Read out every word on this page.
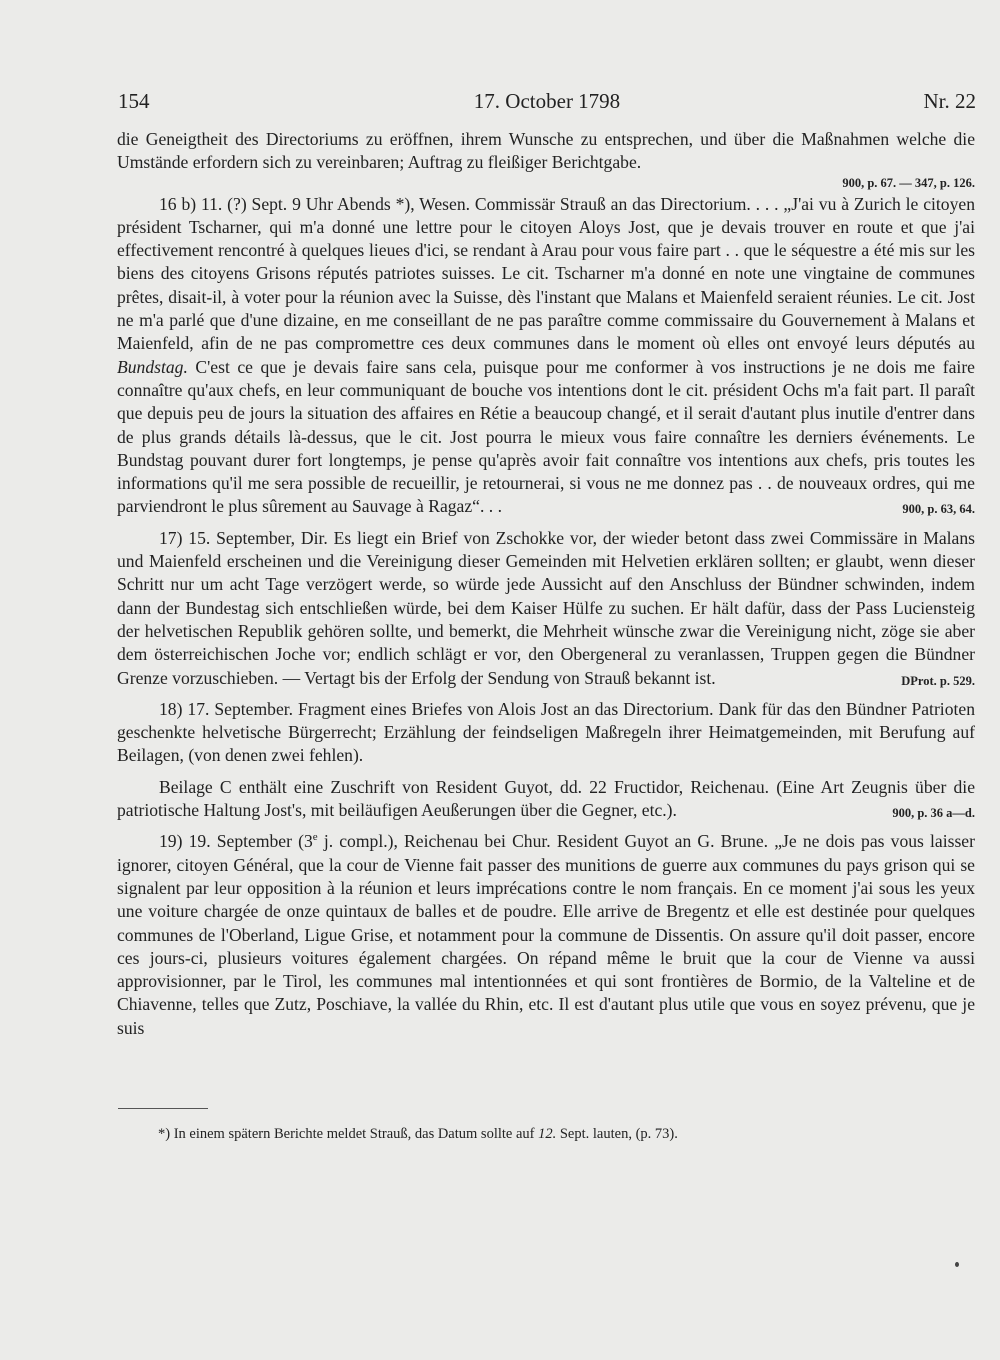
154	17. October 1798	Nr. 22

die Geneigtheit des Directoriums zu eröffnen, ihrem Wunsche zu entsprechen, und über die Maßnahmen welche die Umstände erfordern sich zu vereinbaren; Auftrag zu fleißiger Berichtgabe.

900, p. 67. — 347, p. 126.

16 b) 11. (?) Sept. 9 Uhr Abends *), Wesen. Commissär Strauß an das Directorium. . . . „J'ai vu à Zurich le citoyen président Tscharner, qui m'a donné une lettre pour le citoyen Aloys Jost, que je devais trouver en route et que j'ai effectivement rencontré à quelques lieues d'ici, se rendant à Arau pour vous faire part . . que le séquestre a été mis sur les biens des citoyens Grisons réputés patriotes suisses. Le cit. Tscharner m'a donné en note une vingtaine de communes prêtes, disait-il, à voter pour la réunion avec la Suisse, dès l'instant que Malans et Maienfeld seraient réunies. Le cit. Jost ne m'a parlé que d'une dizaine, en me conseillant de ne pas paraître comme commissaire du Gouvernement à Malans et Maienfeld, afin de ne pas compromettre ces deux communes dans le moment où elles ont envoyé leurs députés au Bundstag. C'est ce que je devais faire sans cela, puisque pour me conformer à vos instructions je ne dois me faire connaître qu'aux chefs, en leur communiquant de bouche vos intentions dont le cit. président Ochs m'a fait part. Il paraît que depuis peu de jours la situation des affaires en Rétie a beaucoup changé, et il serait d'autant plus inutile d'entrer dans de plus grands détails là-dessus, que le cit. Jost pourra le mieux vous faire connaître les derniers événements. Le Bundstag pouvant durer fort longtemps, je pense qu'après avoir fait connaître vos intentions aux chefs, pris toutes les informations qu'il me sera possible de recueillir, je retournerai, si vous ne me donnez pas . . de nouveaux ordres, qui me parviendront le plus sûrement au Sauvage à Ragaz“. . .	900, p. 63, 64.

17) 15. September, Dir. Es liegt ein Brief von Zschokke vor, der wieder betont dass zwei Commissäre in Malans und Maienfeld erscheinen und die Vereinigung dieser Gemeinden mit Helvetien erklären sollten; er glaubt, wenn dieser Schritt nur um acht Tage verzögert werde, so würde jede Aussicht auf den Anschluss der Bündner schwinden, indem dann der Bundestag sich entschließen würde, bei dem Kaiser Hülfe zu suchen. Er hält dafür, dass der Pass Luciensteig der helvetischen Republik gehören sollte, und bemerkt, die Mehrheit wünsche zwar die Vereinigung nicht, zöge sie aber dem österreichischen Joche vor; endlich schlägt er vor, den Obergeneral zu veranlassen, Truppen gegen die Bündner Grenze vorzuschieben. — Vertagt bis der Erfolg der Sendung von Strauß bekannt ist.	DProt. p. 529.

18) 17. September. Fragment eines Briefes von Alois Jost an das Directorium. Dank für das den Bündner Patrioten geschenkte helvetische Bürgerrecht; Erzählung der feindseligen Maßregeln ihrer Heimatgemeinden, mit Berufung auf Beilagen, (von denen zwei fehlen).

Beilage C enthält eine Zuschrift von Resident Guyot, dd. 22 Fructidor, Reichenau. (Eine Art Zeugnis über die patriotische Haltung Jost's, mit beiläufigen Aeußerungen über die Gegner, etc.).	900, p. 36 a—d.

19) 19. September (3e j. compl.), Reichenau bei Chur. Resident Guyot an G. Brune. „Je ne dois pas vous laisser ignorer, citoyen Général, que la cour de Vienne fait passer des munitions de guerre aux communes du pays grison qui se signalent par leur opposition à la réunion et leurs imprécations contre le nom français. En ce moment j'ai sous les yeux une voiture chargée de onze quintaux de balles et de poudre. Elle arrive de Bregentz et elle est destinée pour quelques communes de l'Oberland, Ligue Grise, et notamment pour la commune de Dissentis. On assure qu'il doit passer, encore ces jours-ci, plusieurs voitures également chargées. On répand même le bruit que la cour de Vienne va aussi approvisionner, par le Tirol, les communes mal intentionnées et qui sont frontières de Bormio, de la Valteline et de Chiavenne, telles que Zutz, Poschiave, la vallée du Rhin, etc. Il est d'autant plus utile que vous en soyez prévenu, que je suis

*) In einem spätern Berichte meldet Strauß, das Datum sollte auf 12. Sept. lauten, (p. 73).
